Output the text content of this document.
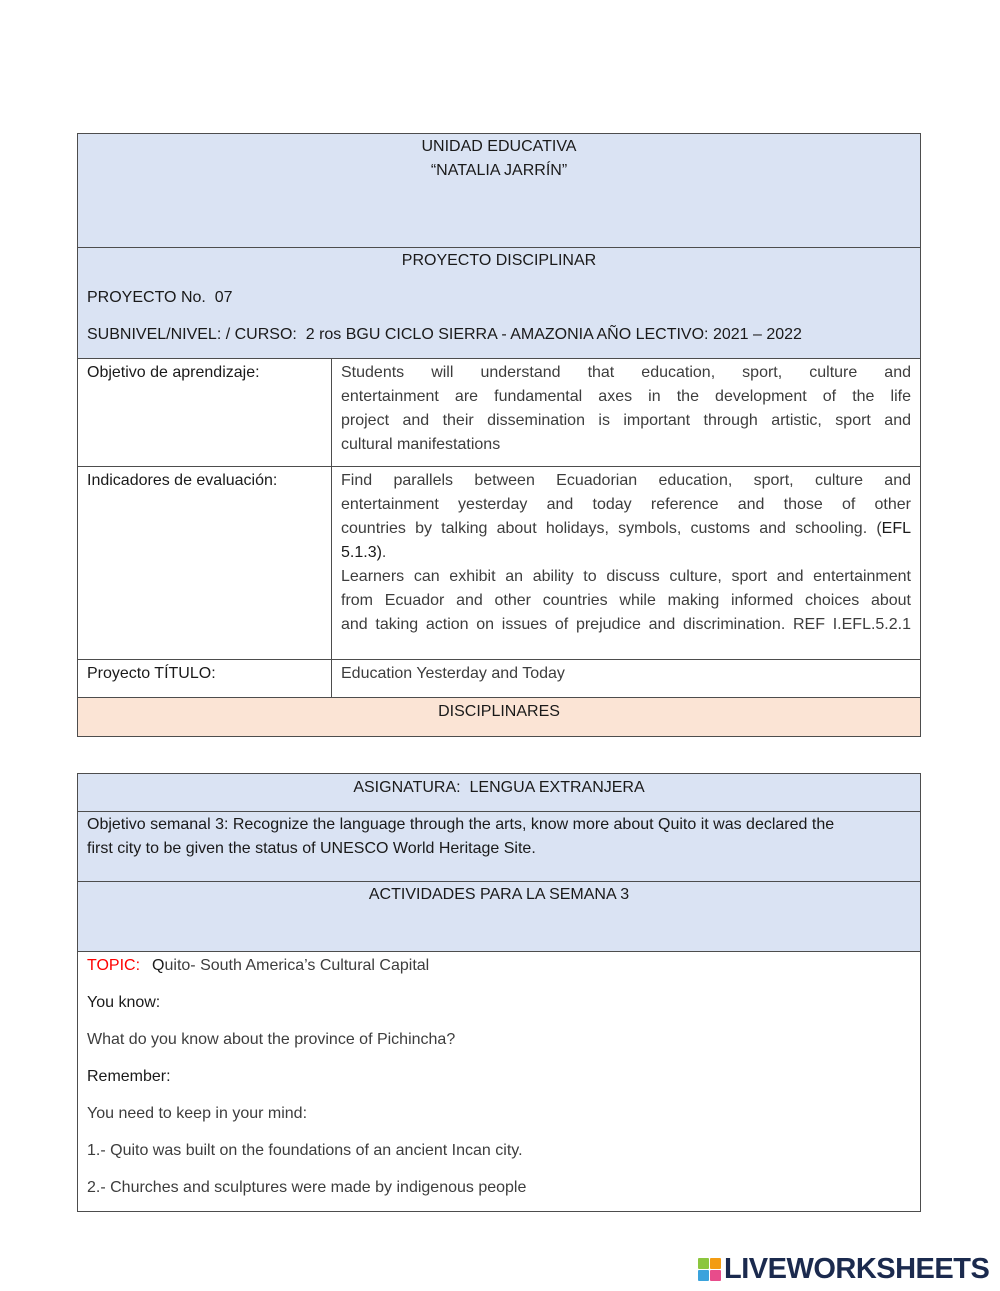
UNIDAD EDUCATIVA
“NATALIA JARRÍN”
PROYECTO DISCIPLINAR
PROYECTO No.  07
SUBNIVEL/NIVEL: / CURSO:  2 ros BGU CICLO SIERRA - AMAZONIA AÑO LECTIVO: 2021 – 2022
Objetivo de aprendizaje:	Students will understand that education, sport, culture and
entertainment are fundamental axes in the development of the life
project and their dissemination is important through artistic, sport and
cultural manifestations
Indicadores de evaluación:	Find parallels between Ecuadorian education, sport, culture and
entertainment yesterday and today reference and those of other
countries by talking about holidays, symbols, customs and schooling. (EFL
5.1.3).
Learners can exhibit an ability to discuss culture, sport and entertainment
from Ecuador and other countries while making informed choices about
and taking action on issues of prejudice and discrimination. REF I.EFL.5.2.1
Proyecto TÍTULO:	Education Yesterday and Today
DISCIPLINARES
ASIGNATURA:  LENGUA EXTRANJERA
Objetivo semanal 3: Recognize the language through the arts, know more about Quito it was declared the
first city to be given the status of UNESCO World Heritage Site.
ACTIVIDADES PARA LA SEMANA 3
TOPIC: Quito- South America’s Cultural Capital
You know:
What do you know about the province of Pichincha?
Remember:
You need to keep in your mind:
1.- Quito was built on the foundations of an ancient Incan city.
2.- Churches and sculptures were made by indigenous people
LIVEWORKSHEETS
